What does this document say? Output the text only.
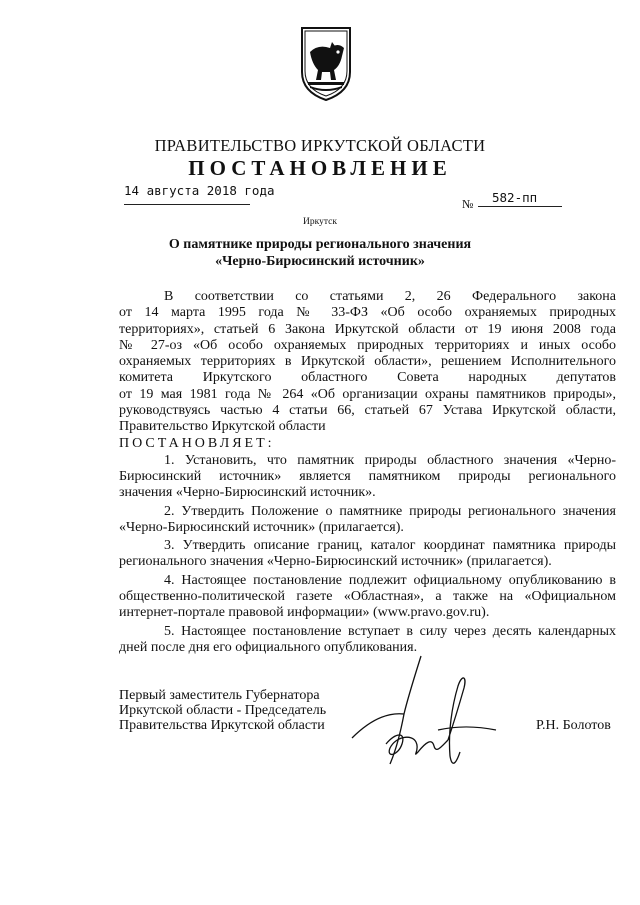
ПРАВИТЕЛЬСТВО ИРКУТСКОЙ ОБЛАСТИ
ПОСТАНОВЛЕНИЕ
14 августа 2018 года
№ 582-пп
Иркутск
О памятнике природы регионального значения
«Черно-Бирюсинский источник»
В соответствии со статьями 2, 26 Федерального закона
от 14 марта 1995 года № 33-ФЗ «Об особо охраняемых природных
территориях», статьей 6 Закона Иркутской области от 19 июня 2008 года
№ 27-оз «Об особо охраняемых природных территориях и иных особо
охраняемых территориях в Иркутской области», решением Исполнительного
комитета Иркутского областного Совета народных депутатов
от 19 мая 1981 года № 264 «Об организации охраны памятников природы»,
руководствуясь частью 4 статьи 66, статьей 67 Устава Иркутской области,
Правительство Иркутской области
ПОСТАНОВЛЯЕТ:
1. Установить, что памятник природы областного значения «Черно-
Бирюсинский источник» является памятником природы регионального
значения «Черно-Бирюсинский источник».
2. Утвердить Положение о памятнике природы регионального значения
«Черно-Бирюсинский источник» (прилагается).
3. Утвердить описание границ, каталог координат памятника природы
регионального значения «Черно-Бирюсинский источник» (прилагается).
4. Настоящее постановление подлежит официальному опубликованию в
общественно-политической газете «Областная», а также на «Официальном
интернет-портале правовой информации» (www.pravo.gov.ru).
5. Настоящее постановление вступает в силу через десять календарных
дней после дня его официального опубликования.
Первый заместитель Губернатора
Иркутской области - Председатель
Правительства Иркутской области	Р.Н. Болотов
